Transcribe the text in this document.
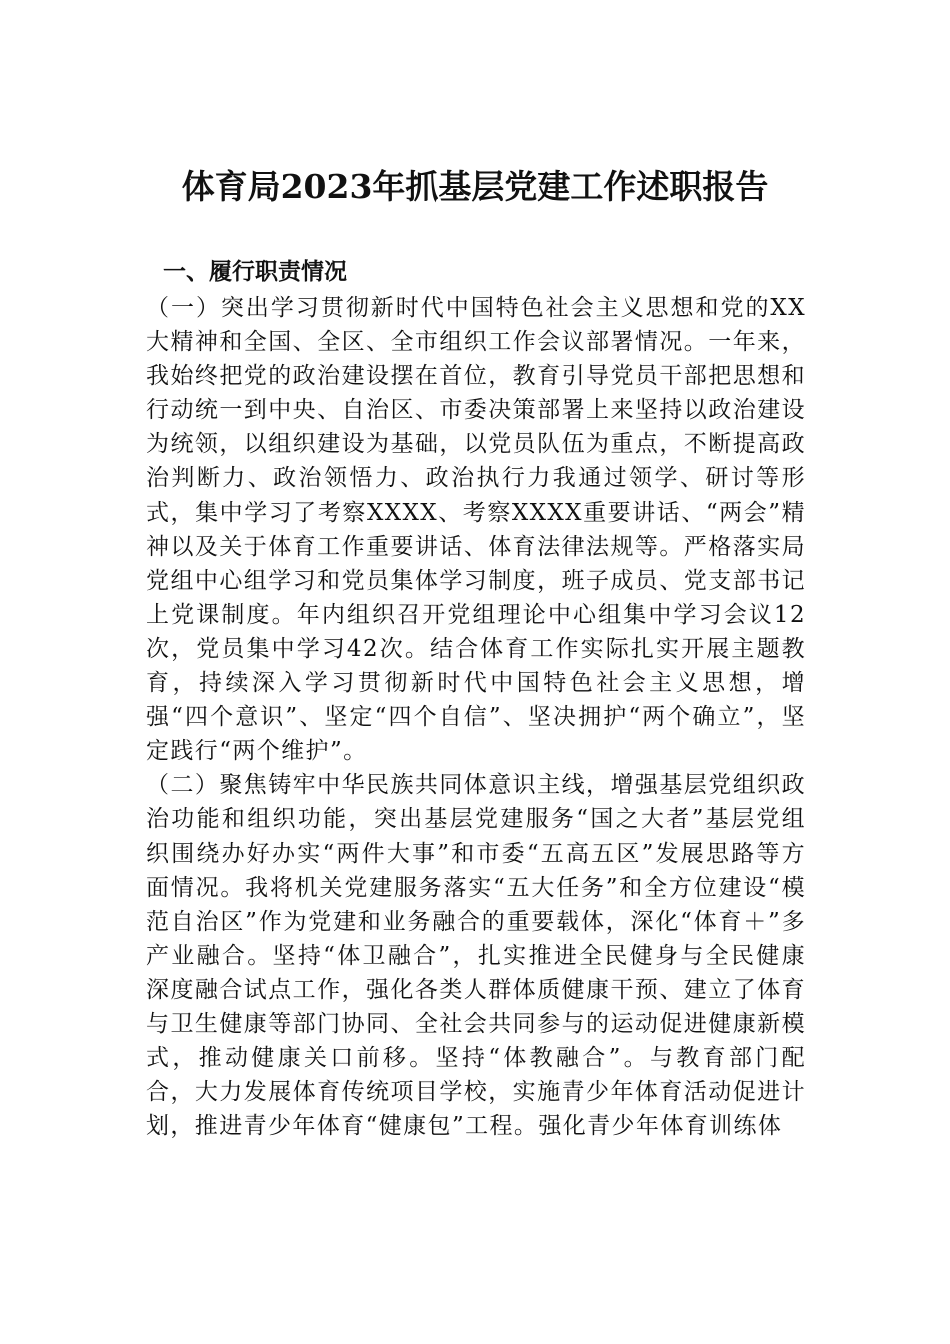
体育局2023年抓基层党建工作述职报告
一、履行职责情况

（一）突出学习贯彻新时代中国特色社会主义思想和党的XX大精神和全国、全区、全市组织工作会议部署情况。一年来，我始终把党的政治建设摆在首位，教育引导党员干部把思想和行动统一到中央、自治区、市委决策部署上来坚持以政治建设为统领，以组织建设为基础，以党员队伍为重点，不断提高政治判断力、政治领悟力、政治执行力我通过领学、研讨等形式，集中学习了考察XXXX、考察XXXX重要讲话、“两会”精神以及关于体育工作重要讲话、体育法律法规等。严格落实局党组中心组学习和党员集体学习制度，班子成员、党支部书记上党课制度。年内组织召开党组理论中心组集中学习会议12次，党员集中学习42次。结合体育工作实际扎实开展主题教育，持续深入学习贯彻新时代中国特色社会主义思想，增强“四个意识”、坚定“四个自信”、坚决拥护“两个确立”，坚定践行“两个维护”。

（二）聚焦铸牢中华民族共同体意识主线，增强基层党组织政治功能和组织功能，突出基层党建服务“国之大者”基层党组织围绕办好办实“两件大事”和市委“五高五区”发展思路等方面情况。我将机关党建服务落实“五大任务”和全方位建设“模范自治区”作为党建和业务融合的重要载体，深化“体育＋”多产业融合。坚持“体卫融合”，扎实推进全民健身与全民健康深度融合试点工作，强化各类人群体质健康干预、建立了体育与卫生健康等部门协同、全社会共同参与的运动促进健康新模式，推动健康关口前移。坚持“体教融合”。与教育部门配合，大力发展体育传统项目学校，实施青少年体育活动促进计划，推进青少年体育“健康包”工程。强化青少年体育训练体
